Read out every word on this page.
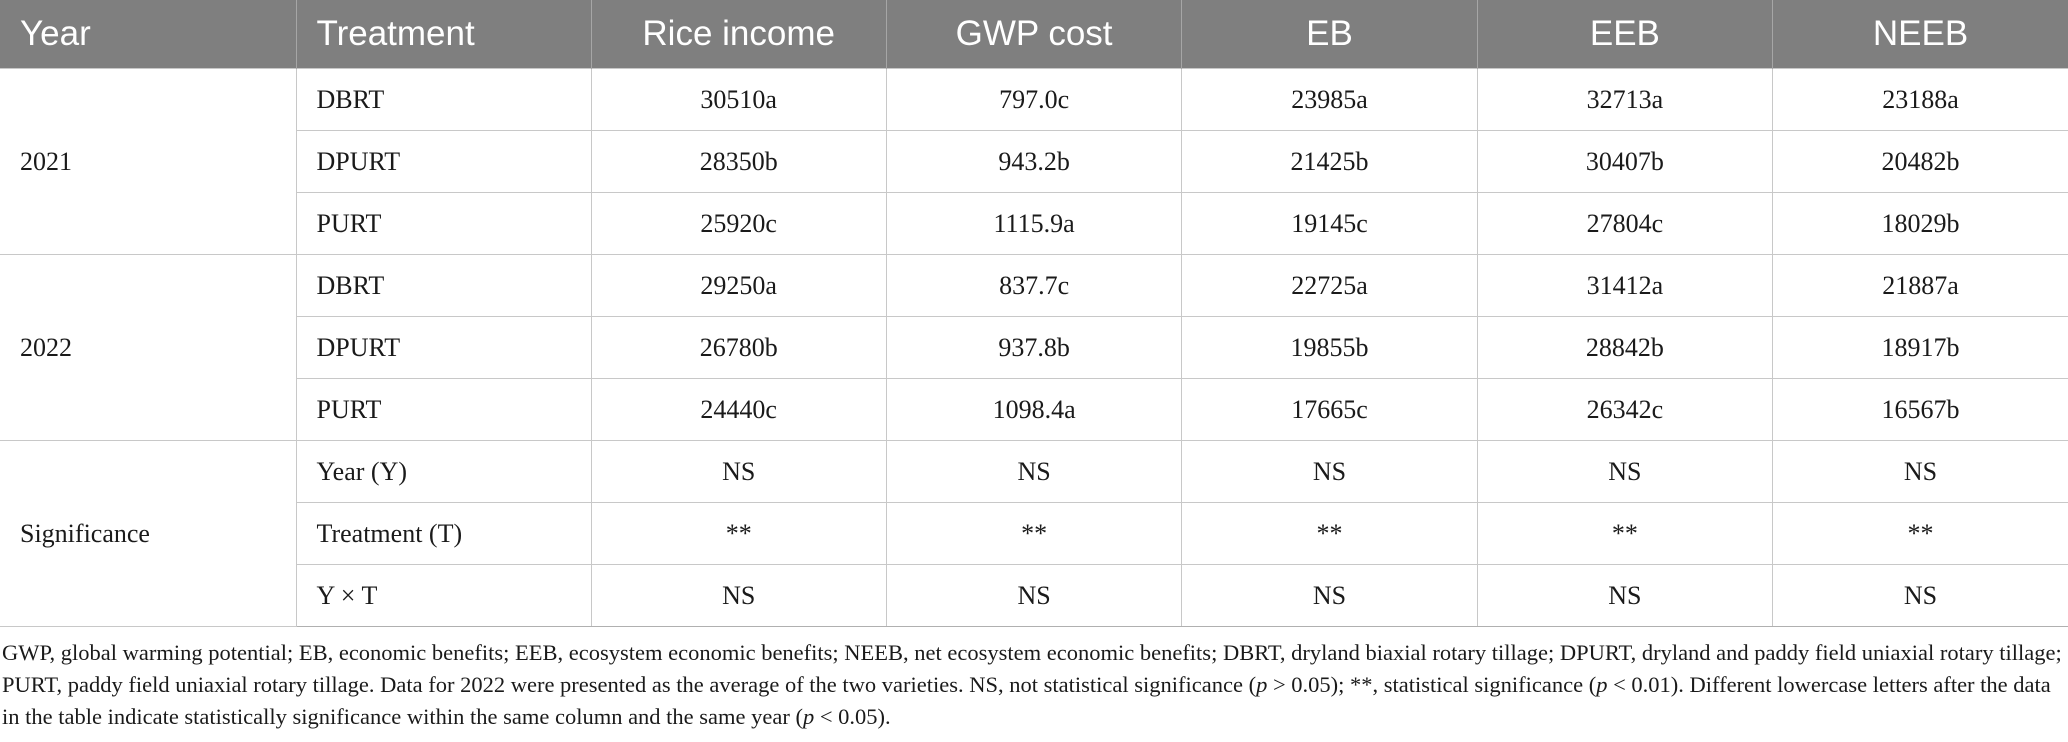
Year	Treatment	Rice income	GWP cost	EB	EEB	NEEB
2021	DBRT	30510a	797.0c	23985a	32713a	23188a
	DPURT	28350b	943.2b	21425b	30407b	20482b
	PURT	25920c	1115.9a	19145c	27804c	18029b
2022	DBRT	29250a	837.7c	22725a	31412a	21887a
	DPURT	26780b	937.8b	19855b	28842b	18917b
	PURT	24440c	1098.4a	17665c	26342c	16567b
Significance	Year (Y)	NS	NS	NS	NS	NS
	Treatment (T)	**	**	**	**	**
	Y × T	NS	NS	NS	NS	NS

GWP, global warming potential; EB, economic benefits; EEB, ecosystem economic benefits; NEEB, net ecosystem economic benefits; DBRT, dryland biaxial rotary tillage; DPURT, dryland and paddy field uniaxial rotary tillage; PURT, paddy field uniaxial rotary tillage. Data for 2022 were presented as the average of the two varieties. NS, not statistical significance (p > 0.05); **, statistical significance (p < 0.01). Different lowercase letters after the data in the table indicate statistically significance within the same column and the same year (p < 0.05).
